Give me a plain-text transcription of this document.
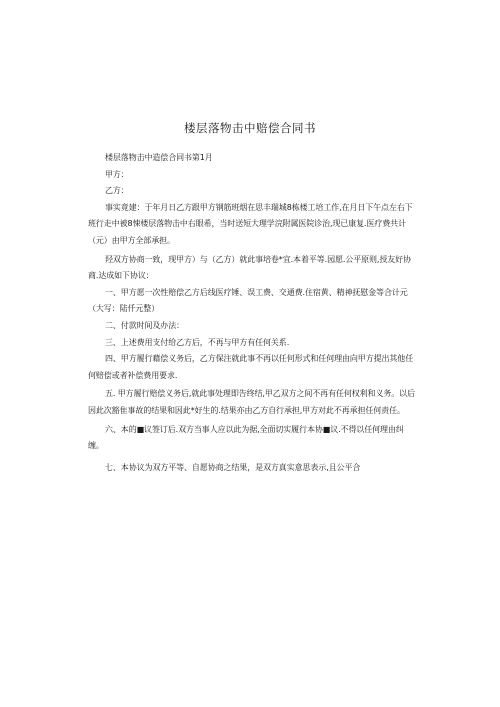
楼层落物击中赔偿合同书

楼层落物击中造偿合同书第1月

甲方：

乙方：

事实竟建：于年月日乙方跟甲方钢筋班烟在思丰瑞城8栋楼工培工作,在月日下午点左右下班行走中被8悚楼层落物击中右眼希，当时送短大理学浣附属医院诊治,现已康复.医疗费共计（元）由甲方全部承担。

羟双方协商一致，现甲方）与（乙方）就此事培卷*宜.本着平等.园愿.公平原则,授友好协商.达成如下协议：

一、甲方愿一次性赔偿乙方后线医疗锤、误工费、交通费.住宿黄、精神抚慰金等合计元（大写：陆仟元整）

二、付款时间及办法：

三、上述费用支付给乙方后，不再与甲方有任何关系.

四、甲方履行藉偿义务后，乙方保注就此事不再以任何形式和任何理由向甲方提出其他任何赔偿或者补偿费用要求.

五. 甲方履行赔偿义务后,就此事处理即告终结,甲乙双方之间不再有任何权利和义务。以后因此次豁隹事故的结果和因此*好生的.结果亦由乙方自行承担,甲方对此不再承担任何责任。

六、本的■议签订后.双方当事人应以此为据,全面切实履行本协■议.不得以任何理由纠缠。

七、本协议为双方平等、自愿协商之结果，是双方真实意思表示,且公平合
